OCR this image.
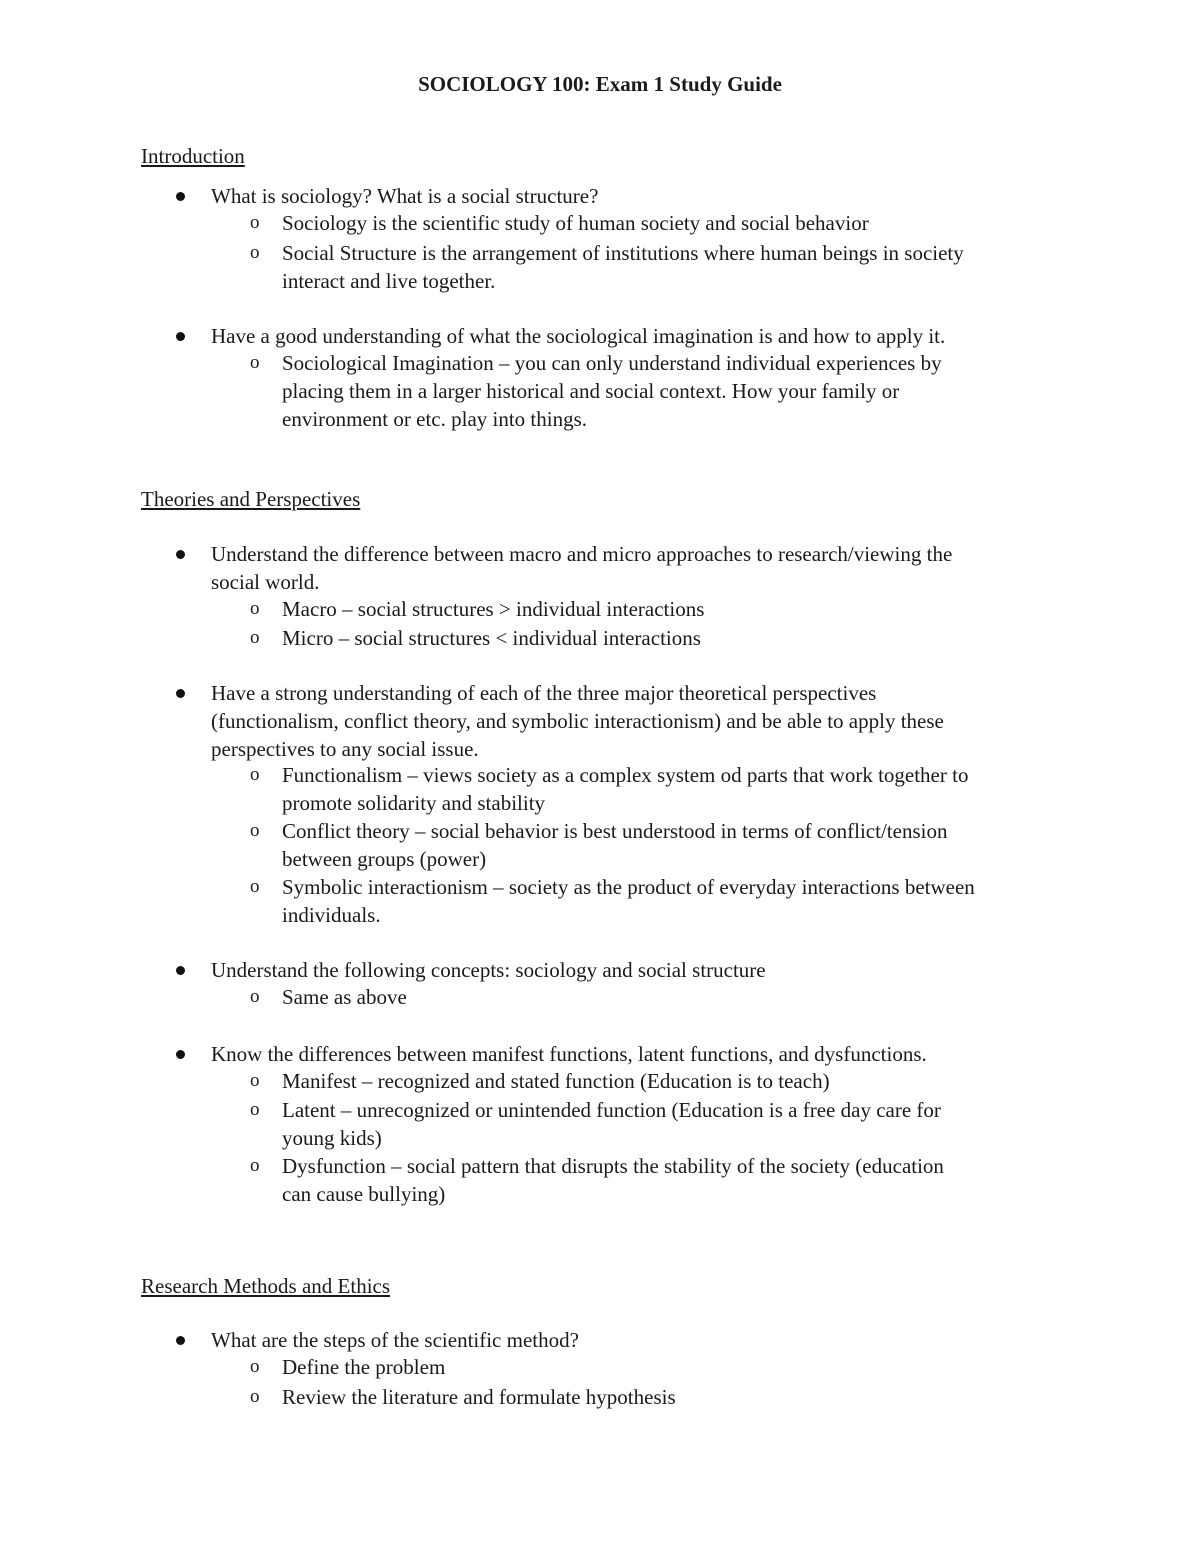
SOCIOLOGY 100: Exam 1 Study Guide
Introduction
What is sociology? What is a social structure?
o Sociology is the scientific study of human society and social behavior
o Social Structure is the arrangement of institutions where human beings in society
interact and live together.
Have a good understanding of what the sociological imagination is and how to apply it.
o Sociological Imagination – you can only understand individual experiences by
placing them in a larger historical and social context. How your family or
environment or etc. play into things.
Theories and Perspectives
Understand the difference between macro and micro approaches to research/viewing the
social world.
o Macro – social structures > individual interactions
o Micro – social structures < individual interactions
Have a strong understanding of each of the three major theoretical perspectives
(functionalism, conflict theory, and symbolic interactionism) and be able to apply these
perspectives to any social issue.
o Functionalism – views society as a complex system od parts that work together to
promote solidarity and stability
o Conflict theory – social behavior is best understood in terms of conflict/tension
between groups (power)
o Symbolic interactionism – society as the product of everyday interactions between
individuals.
Understand the following concepts: sociology and social structure
o Same as above
Know the differences between manifest functions, latent functions, and dysfunctions.
o Manifest – recognized and stated function (Education is to teach)
o Latent – unrecognized or unintended function (Education is a free day care for
young kids)
o Dysfunction – social pattern that disrupts the stability of the society (education
can cause bullying)
Research Methods and Ethics
What are the steps of the scientific method?
o Define the problem
o Review the literature and formulate hypothesis
